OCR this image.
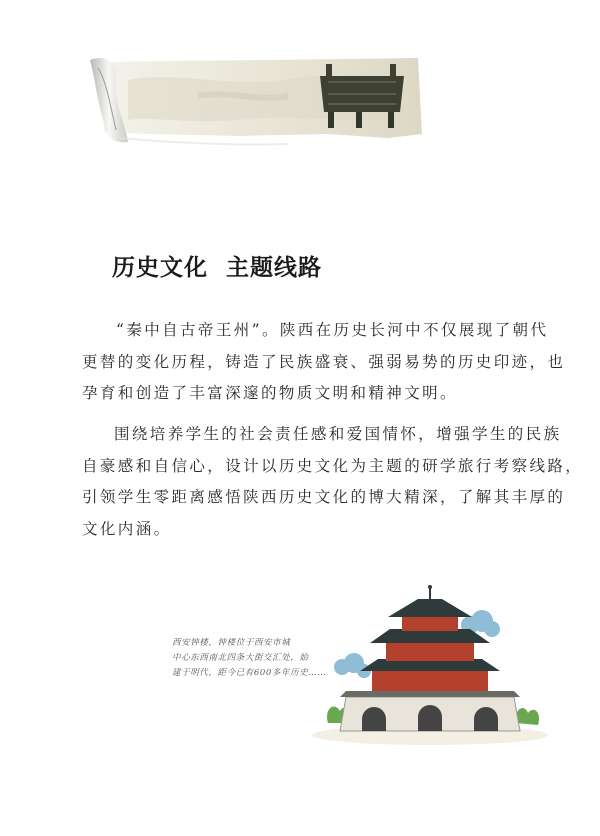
历史文化  主题线路

“秦中自古帝王州”。陕西在历史长河中不仅展现了朝代

更替的变化历程，铸造了民族盛衰、强弱易势的历史印迹，也

孕育和创造了丰富深邃的物质文明和精神文明。

围绕培养学生的社会责任感和爱国情怀，增强学生的民族

自豪感和自信心，设计以历史文化为主题的研学旅行考察线路，

引领学生零距离感悟陕西历史文化的博大精深，了解其丰厚的

文化内涵。

西安钟楼，钟楼位于西安市城
中心东西南北四条大街交汇处，始
建于明代，距今已有600多年历史……
